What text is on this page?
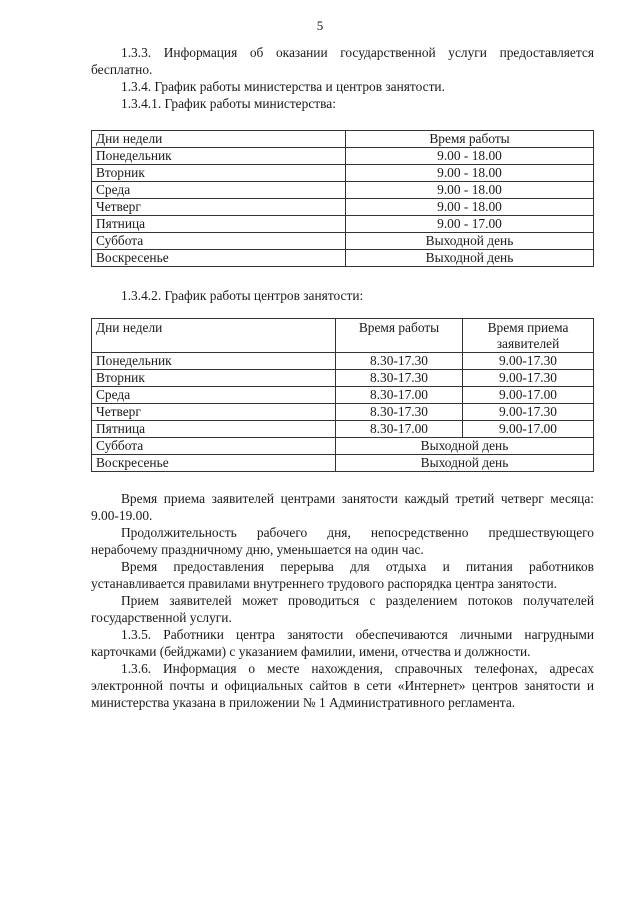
5

1.3.3. Информация об оказании государственной услуги предоставляется бесплатно.

1.3.4. График работы министерства и центров занятости.

1.3.4.1. График работы министерства:

Дни недели	Время работы
Понедельник	9.00 - 18.00
Вторник	9.00 - 18.00
Среда	9.00 - 18.00
Четверг	9.00 - 18.00
Пятница	9.00 - 17.00
Суббота	Выходной день
Воскресенье	Выходной день

1.3.4.2. График работы центров занятости:

Дни недели	Время работы	Время приема
заявителей

Понедельник	8.30-17.30	9.00-17.30
Вторник	8.30-17.30	9.00-17.30
Среда	8.30-17.00	9.00-17.00
Четверг	8.30-17.30	9.00-17.30
Пятница	8.30-17.00	9.00-17.00
Суббота	Выходной день	
Воскресенье	Выходной день	

Время приема заявителей центрами занятости каждый третий четверг месяца: 9.00-19.00.

Продолжительность рабочего дня, непосредственно предшествующего нерабочему праздничному дню, уменьшается на один час.

Время предоставления перерыва для отдыха и питания работников устанавливается правилами внутреннего трудового распорядка центра занятости.

Прием заявителей может проводиться с разделением потоков получателей государственной услуги.

1.3.5. Работники центра занятости обеспечиваются личными нагрудными карточками (бейджами) с указанием фамилии, имени, отчества и должности.

1.3.6. Информация о месте нахождения, справочных телефонах, адресах электронной почты и официальных сайтов в сети «Интернет» центров занятости и министерства указана в приложении № 1 Административного регламента.
